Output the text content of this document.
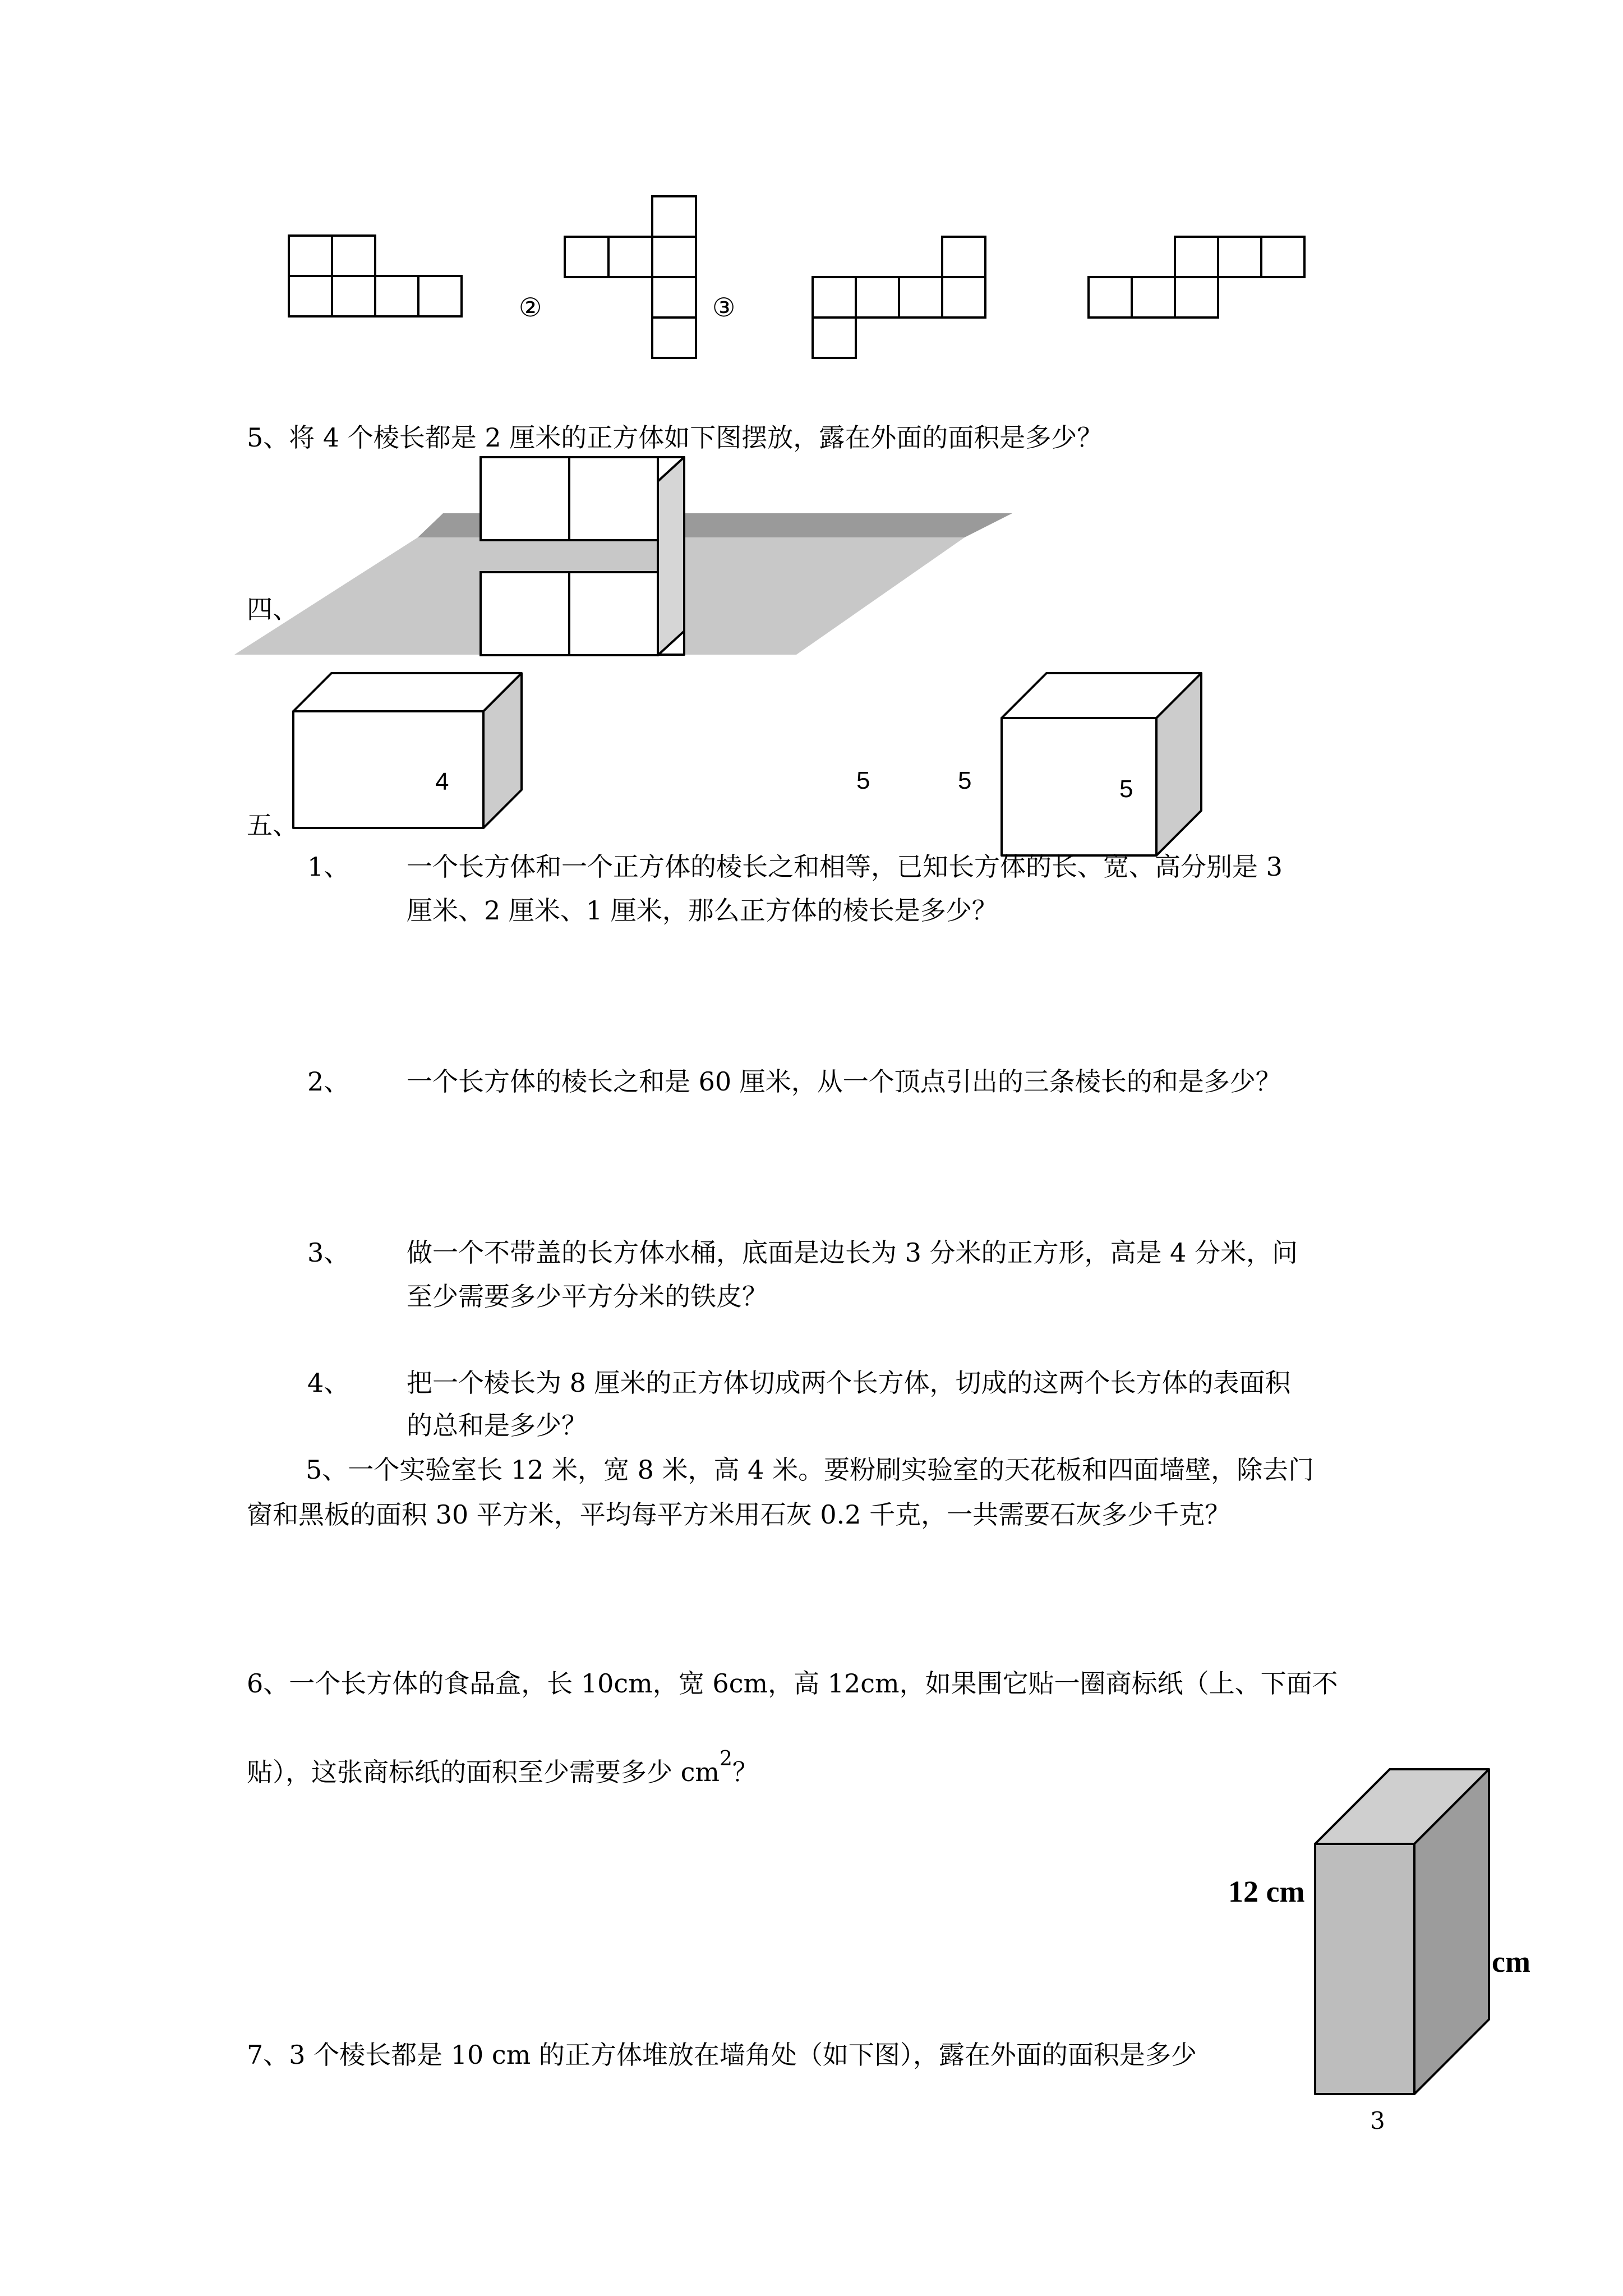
②	③
5、将 4 个棱长都是 2 厘米的正方体如下图摆放，露在外面的面积是多少？
四、
五、
4	5	5	5
1、 一个长方体和一个正方体的棱长之和相等，已知长方体的长、宽、高分别是 3
厘米、2 厘米、1 厘米，那么正方体的棱长是多少？
2、 一个长方体的棱长之和是 60 厘米，从一个顶点引出的三条棱长的和是多少？
3、 做一个不带盖的长方体水桶，底面是边长为 3 分米的正方形，高是 4 分米，问
至少需要多少平方分米的铁皮？
4、 把一个棱长为 8 厘米的正方体切成两个长方体，切成的这两个长方体的表面积
的总和是多少？
5、一个实验室长 12 米，宽 8 米，高 4 米。要粉刷实验室的天花板和四面墙壁，除去门
窗和黑板的面积 30 平方米，平均每平方米用石灰 0.2 千克，一共需要石灰多少千克？
6、一个长方体的食品盒，长 10cm，宽 6cm，高 12cm，如果围它贴一圈商标纸（上、下面不
贴），这张商标纸的面积至少需要多少 $cm^2$？
12 cm
cm
7、3 个棱长都是 10 cm 的正方体堆放在墙角处（如下图），露在外面的面积是多少
3
